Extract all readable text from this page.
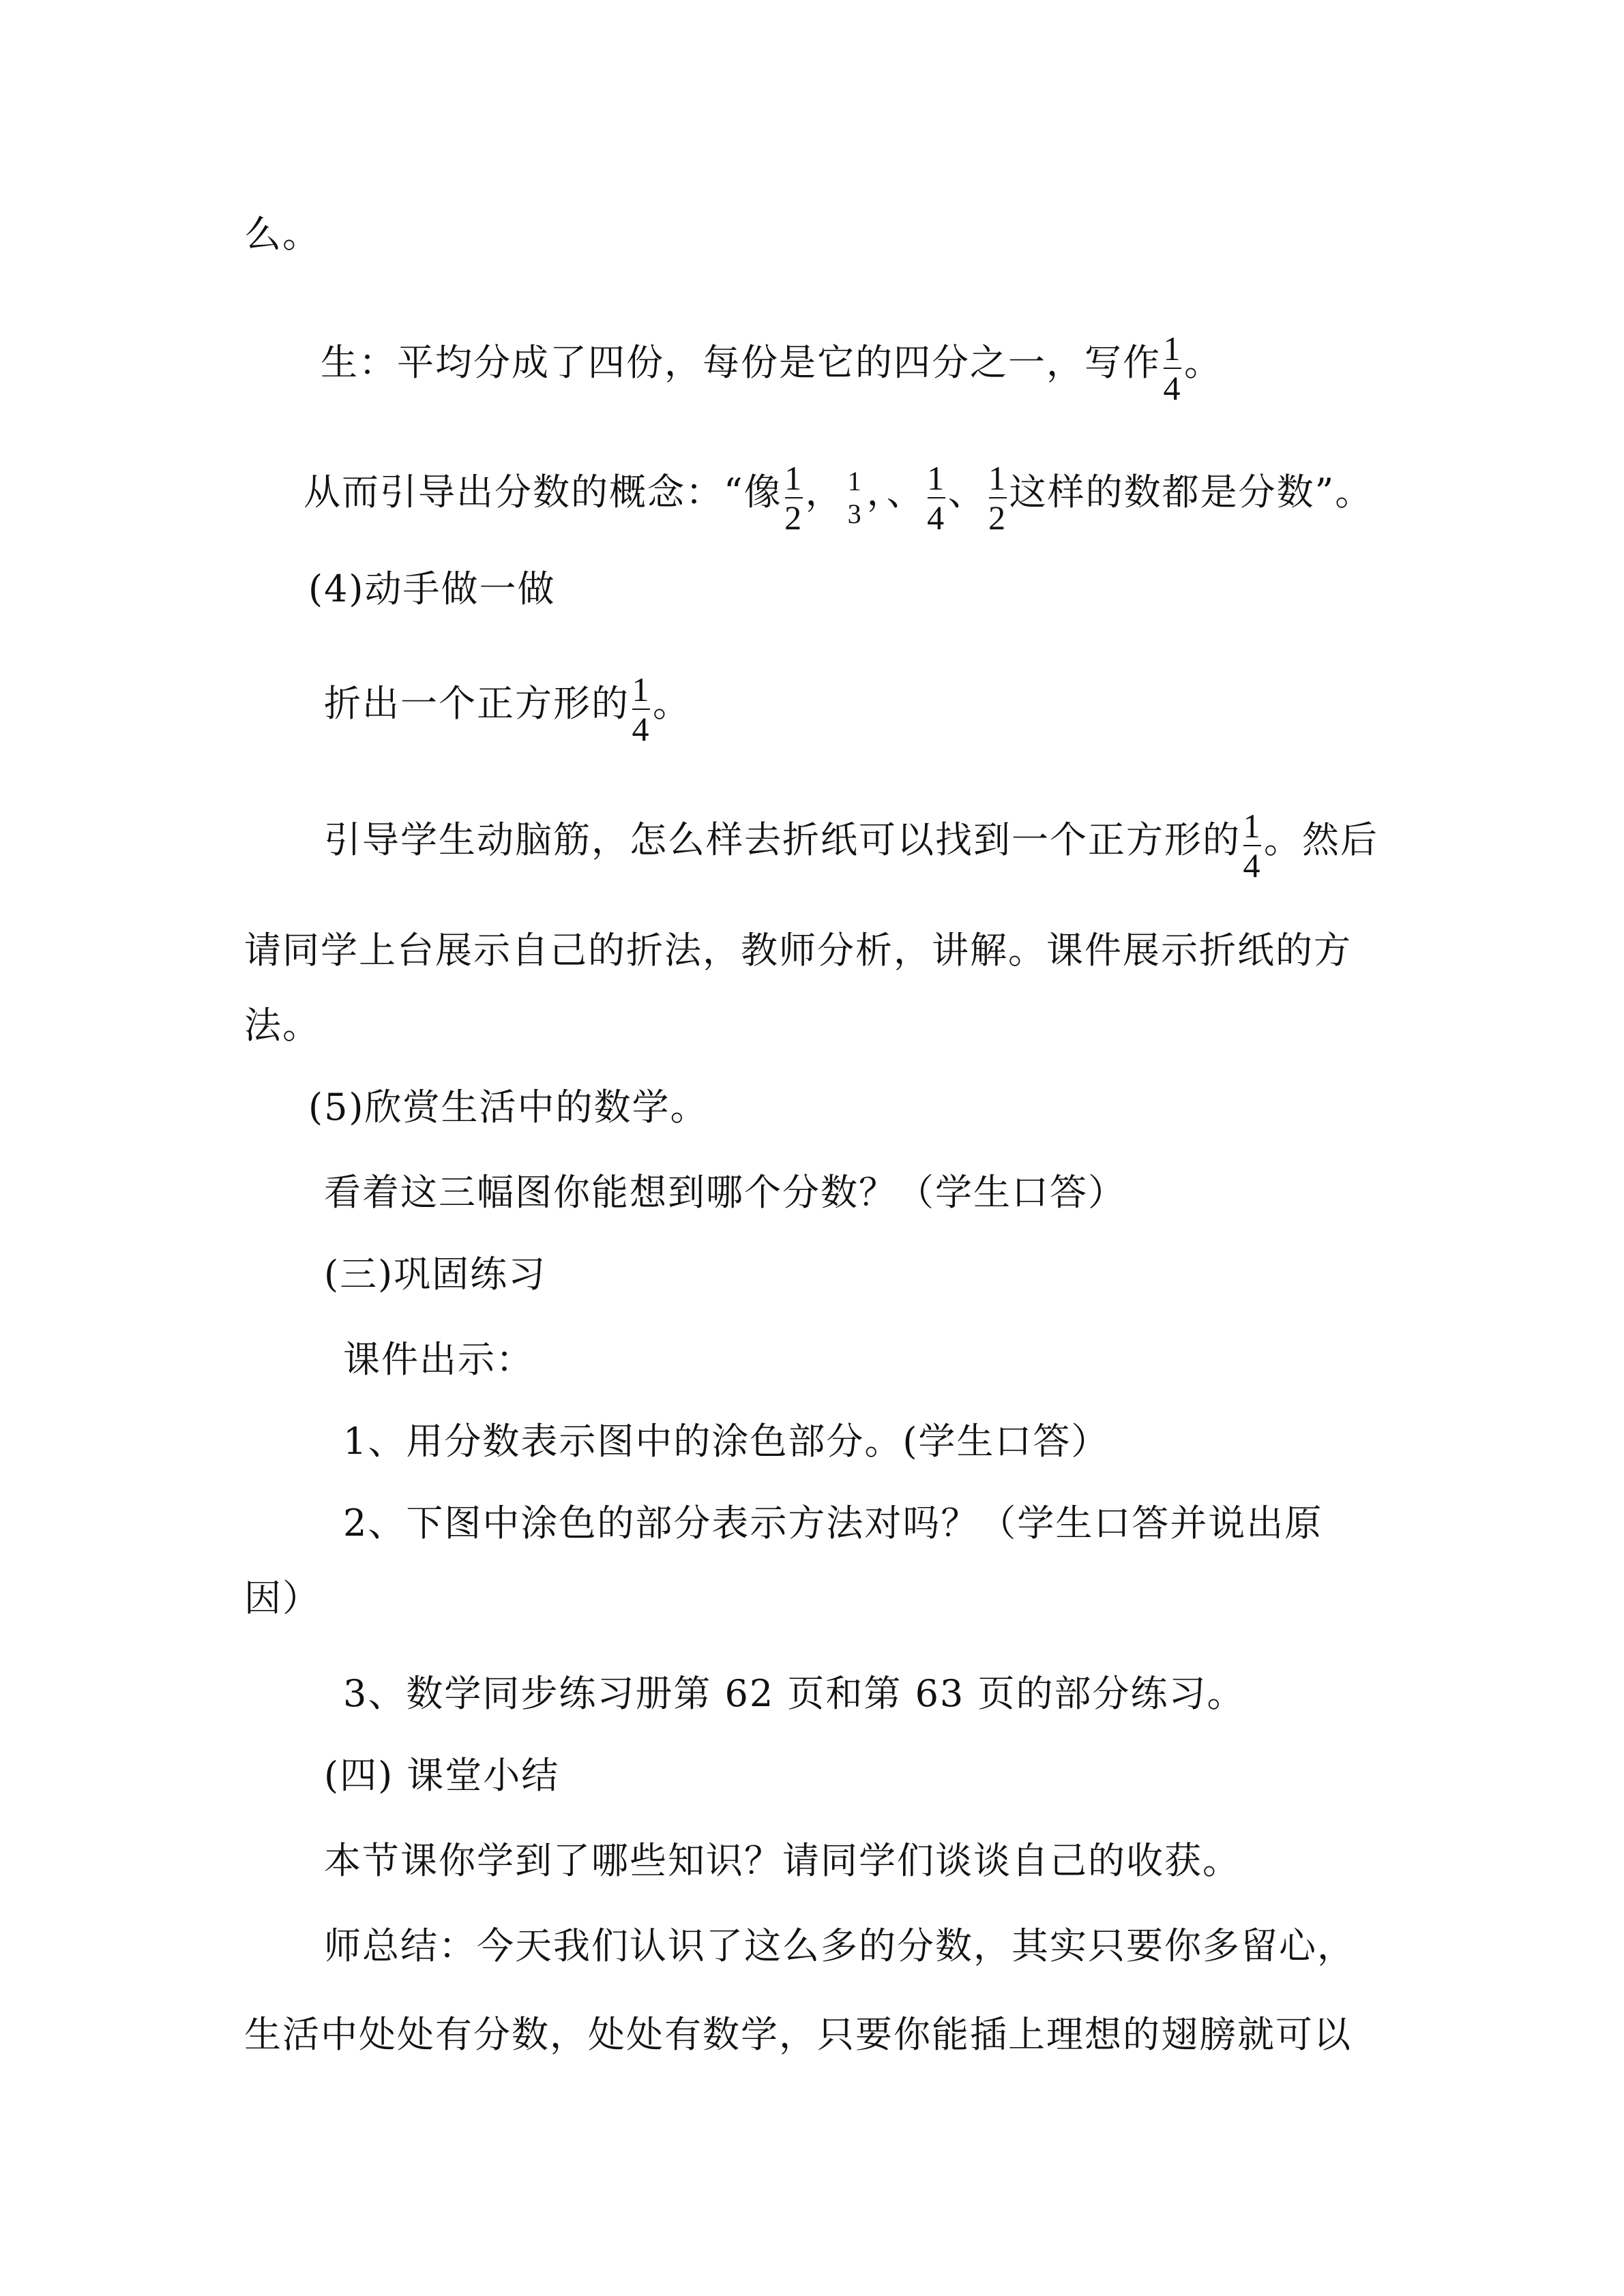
么。
生：平均分成了四份，每份是它的四分之一，写作 $\frac{1}{4}$ 。
从而引导出分数的概念：“像 $\frac{1}{2}$ ， 1
3
，、 $\frac{1}{4}$ 、 $\frac{1}{2}$ 这样的数都是分数”。
(4)动手做一做
折出一个正方形的 $\frac{1}{4}$ 。
引导学生动脑筋，怎么样去折纸可以找到一个正方形的 $\frac{1}{4}$ 。然后
请同学上台展示自己的折法，教师分析，讲解。课件展示折纸的方
法。
(5)欣赏生活中的数学。
看着这三幅图你能想到哪个分数？（学生口答）
(三)巩固练习
课件出示：
1、用分数表示图中的涂色部分。(学生口答）
2、下图中涂色的部分表示方法对吗？（学生口答并说出原
因）
3、数学同步练习册第 62 页和第 63 页的部分练习。
(四) 课堂小结
本节课你学到了哪些知识？请同学们谈谈自己的收获。
师总结：今天我们认识了这么多的分数，其实只要你多留心，
生活中处处有分数，处处有数学，只要你能插上理想的翅膀就可以
